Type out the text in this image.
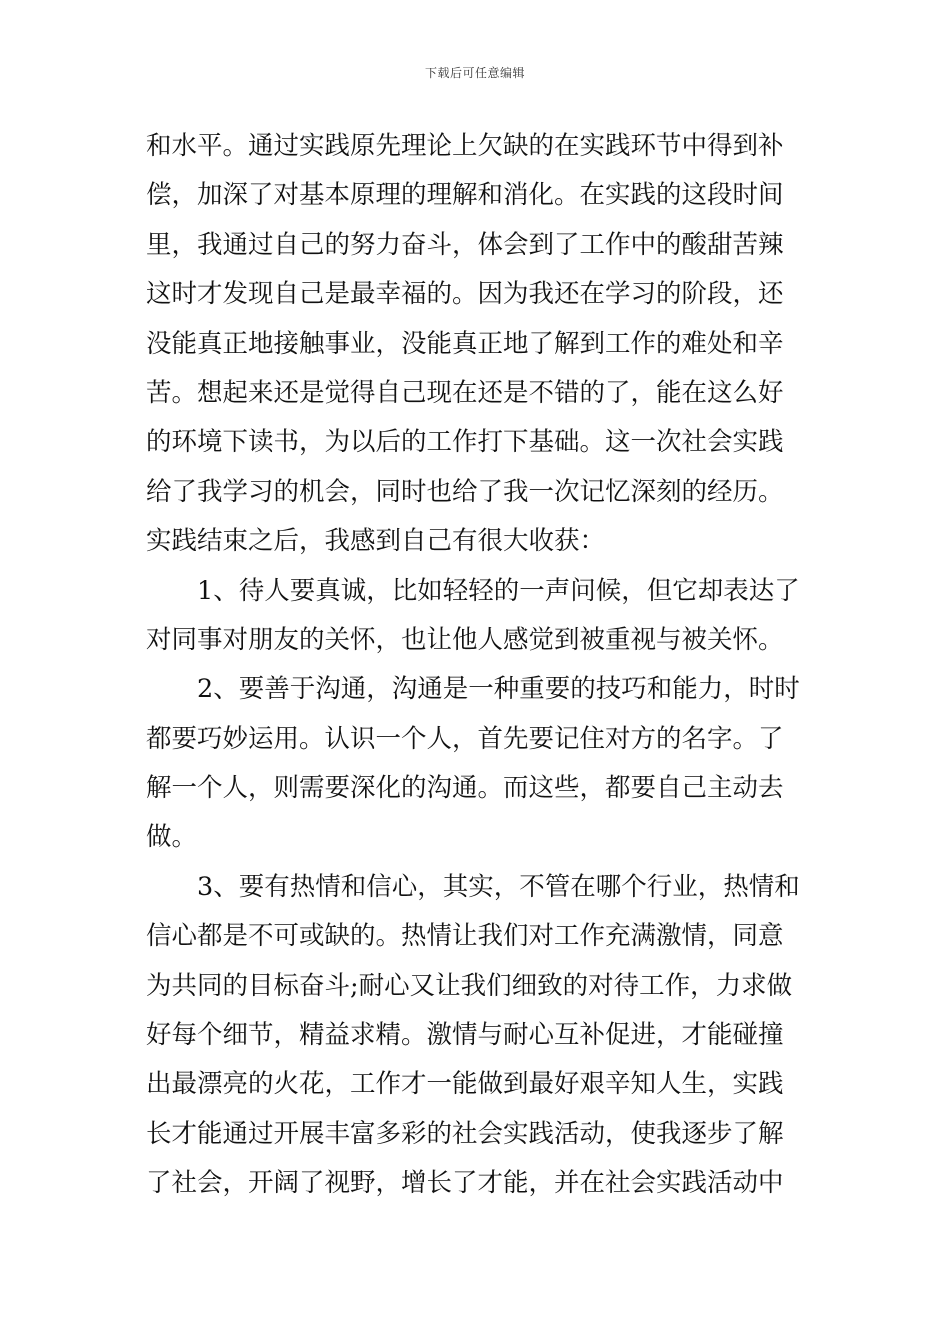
下载后可任意编辑
和水平。通过实践原先理论上欠缺的在实践环节中得到补
偿，加深了对基本原理的理解和消化。在实践的这段时间
里，我通过自己的努力奋斗，体会到了工作中的酸甜苦辣
这时才发现自己是最幸福的。因为我还在学习的阶段，还
没能真正地接触事业，没能真正地了解到工作的难处和辛
苦。想起来还是觉得自己现在还是不错的了，能在这么好
的环境下读书，为以后的工作打下基础。这一次社会实践
给了我学习的机会，同时也给了我一次记忆深刻的经历。
实践结束之后，我感到自己有很大收获：
1、待人要真诚，比如轻轻的一声问候，但它却表达了
对同事对朋友的关怀，也让他人感觉到被重视与被关怀。
2、要善于沟通，沟通是一种重要的技巧和能力，时时
都要巧妙运用。认识一个人，首先要记住对方的名字。了
解一个人，则需要深化的沟通。而这些，都要自己主动去
做。
3、要有热情和信心，其实，不管在哪个行业，热情和
信心都是不可或缺的。热情让我们对工作充满激情，同意
为共同的目标奋斗;耐心又让我们细致的对待工作，力求做
好每个细节，精益求精。激情与耐心互补促进，才能碰撞
出最漂亮的火花，工作才一能做到最好艰辛知人生，实践
长才能通过开展丰富多彩的社会实践活动，使我逐步了解
了社会，开阔了视野，增长了才能，并在社会实践活动中
